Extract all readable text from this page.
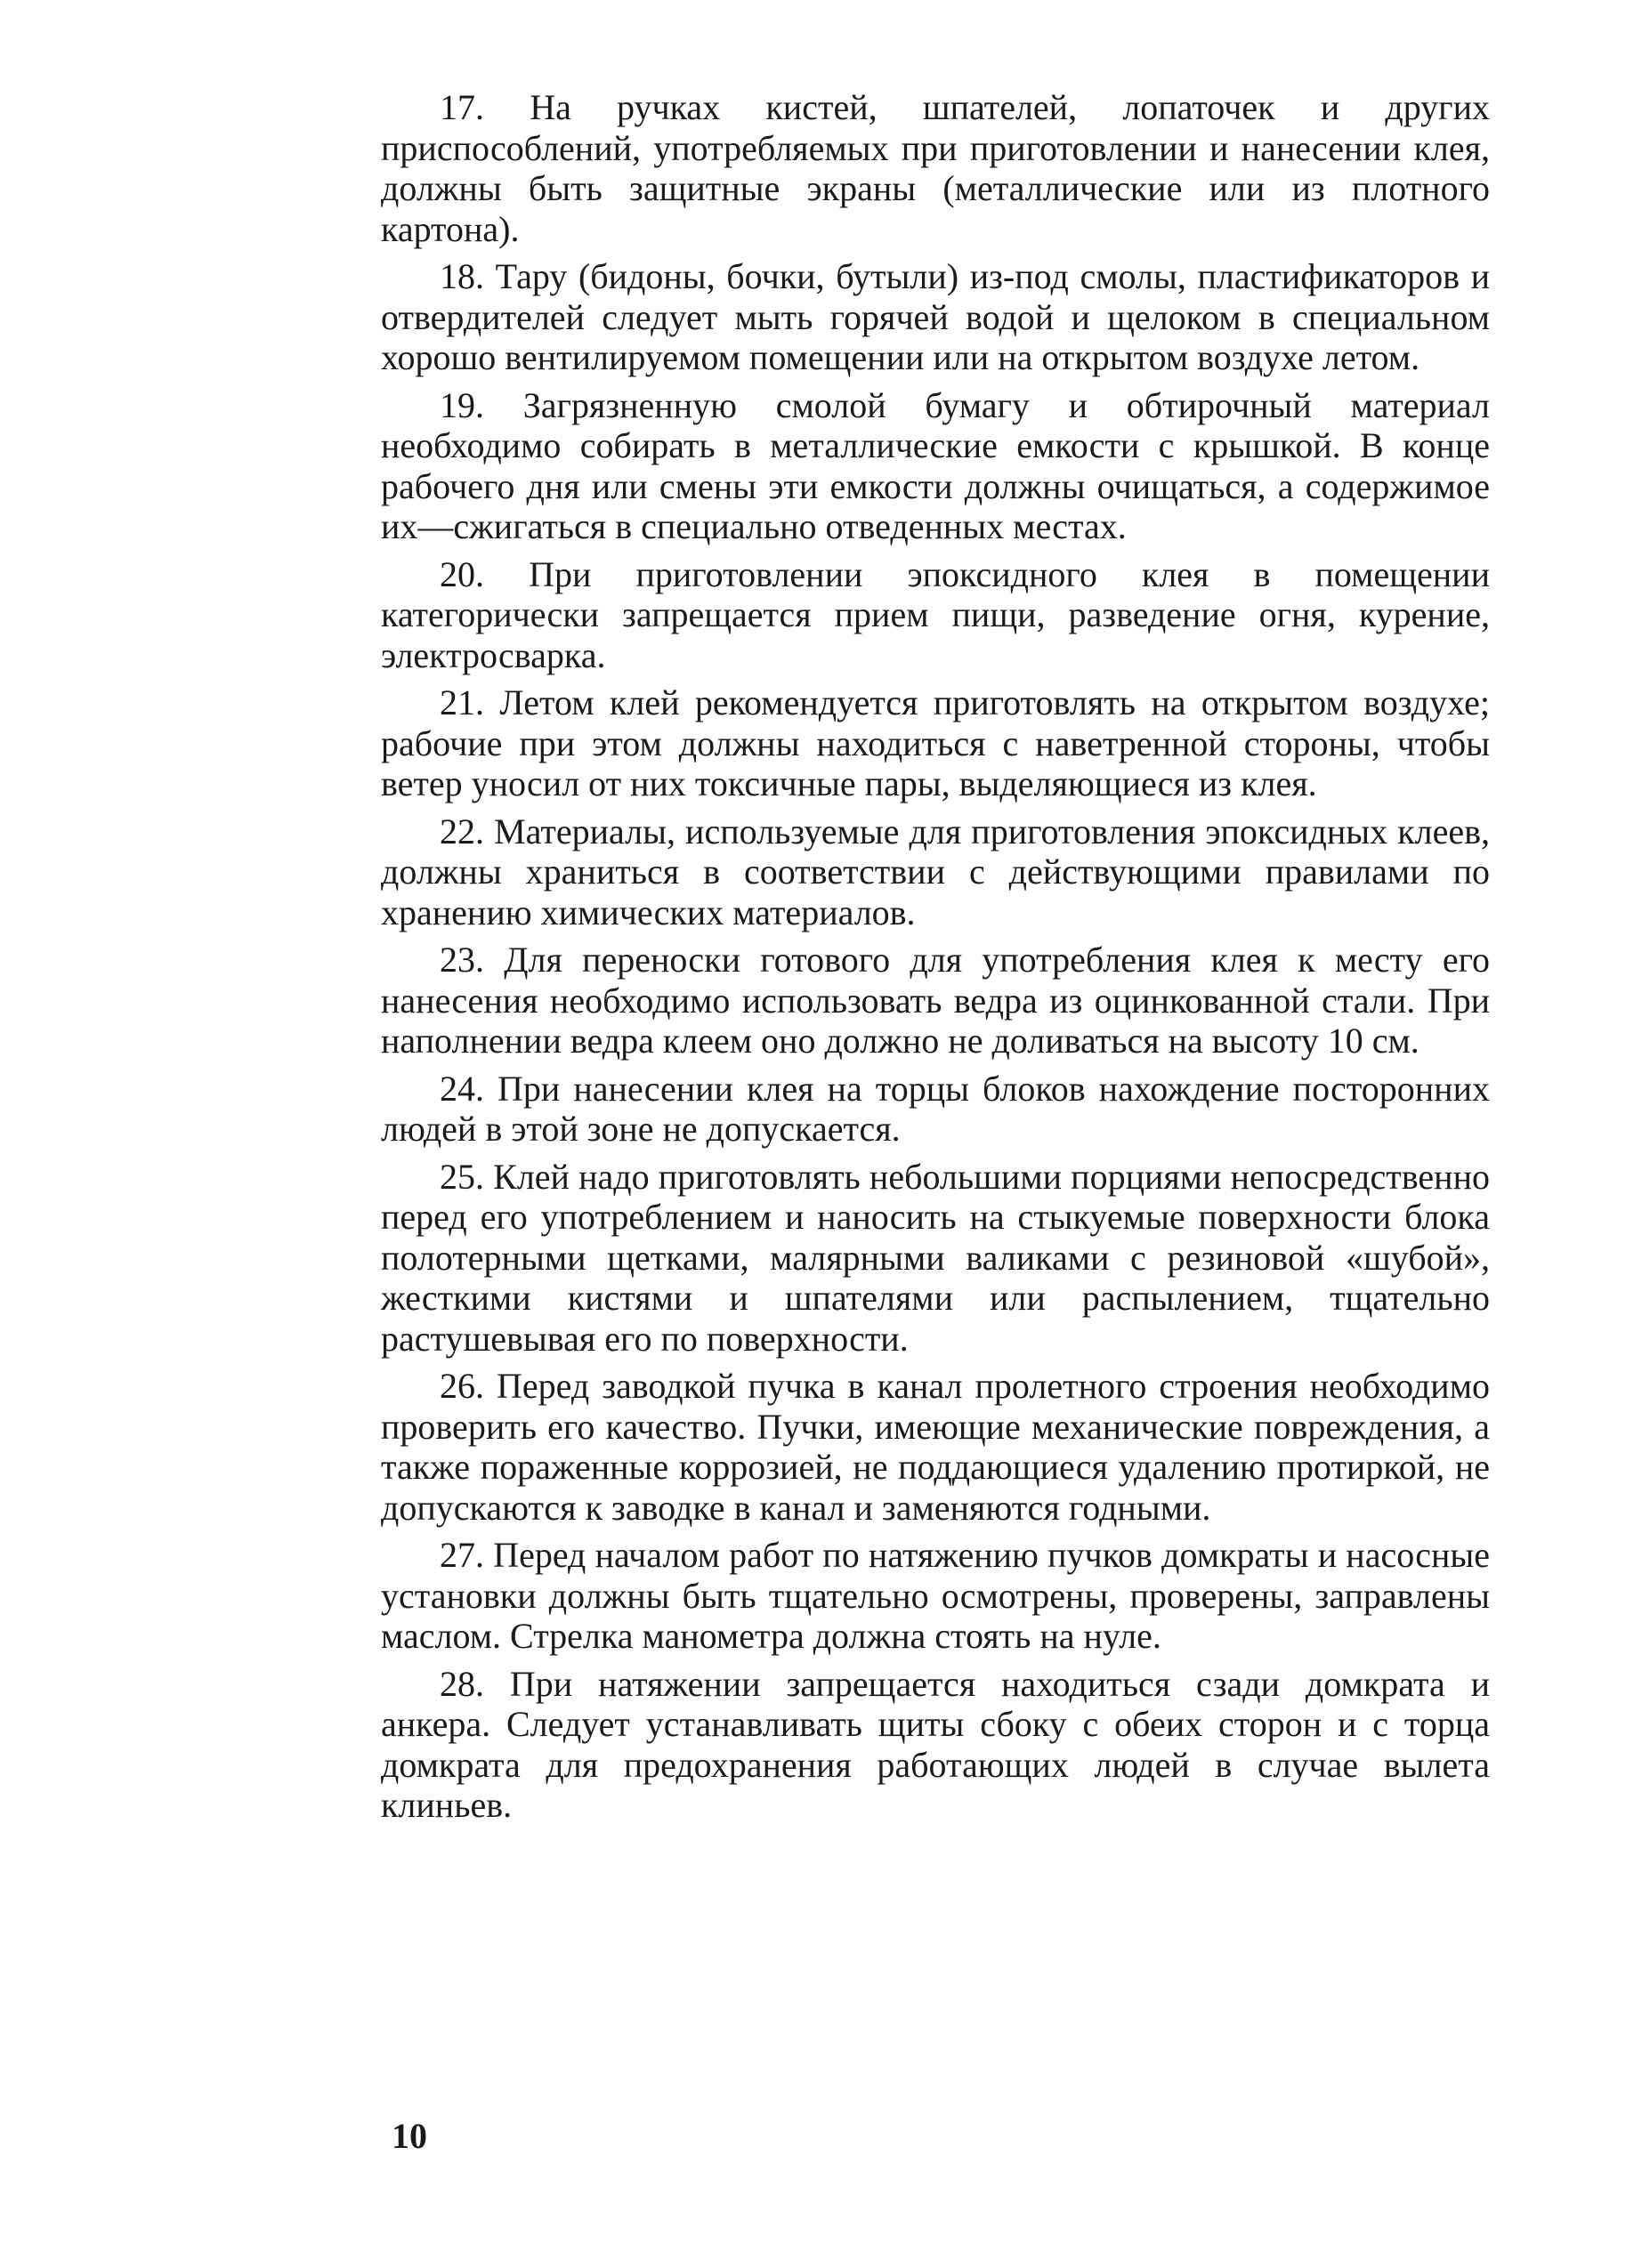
17. На ручках кистей, шпателей, лопаточек и других приспособлений, употребляемых при приготовлении и нанесении клея, должны быть защитные экраны (металлические или из плотного картона).

18. Тару (бидоны, бочки, бутыли) из-под смолы, пластификаторов и отвердителей следует мыть горячей водой и щелоком в специальном хорошо вентилируемом помещении или на открытом воздухе летом.

19. Загрязненную смолой бумагу и обтирочный материал необходимо собирать в металлические емкости с крышкой. В конце рабочего дня или смены эти емкости должны очищаться, а содержимое их—сжигаться в специально отведенных местах.

20. При приготовлении эпоксидного клея в помещении категорически запрещается прием пищи, разведение огня, курение, электросварка.

21. Летом клей рекомендуется приготовлять на открытом воздухе; рабочие при этом должны находиться с наветренной стороны, чтобы ветер уносил от них токсичные пары, выделяющиеся из клея.

22. Материалы, используемые для приготовления эпоксидных клеев, должны храниться в соответствии с действующими правилами по хранению химических материалов.

23. Для переноски готового для употребления клея к месту его нанесения необходимо использовать ведра из оцинкованной стали. При наполнении ведра клеем оно должно не доливаться на высоту 10 см.

24. При нанесении клея на торцы блоков нахождение посторонних людей в этой зоне не допускается.

25. Клей надо приготовлять небольшими порциями непосредственно перед его употреблением и наносить на стыкуемые поверхности блока полотерными щетками, малярными валиками с резиновой «шубой», жесткими кистями и шпателями или распылением, тщательно растушевывая его по поверхности.

26. Перед заводкой пучка в канал пролетного строения необходимо проверить его качество. Пучки, имеющие механические повреждения, а также пораженные коррозией, не поддающиеся удалению протиркой, не допускаются к заводке в канал и заменяются годными.

27. Перед началом работ по натяжению пучков домкраты и насосные установки должны быть тщательно осмотрены, проверены, заправлены маслом. Стрелка манометра должна стоять на нуле.

28. При натяжении запрещается находиться сзади домкрата и анкера. Следует устанавливать щиты сбоку с обеих сторон и с торца домкрата для предохранения работающих людей в случае вылета клиньев.

10
